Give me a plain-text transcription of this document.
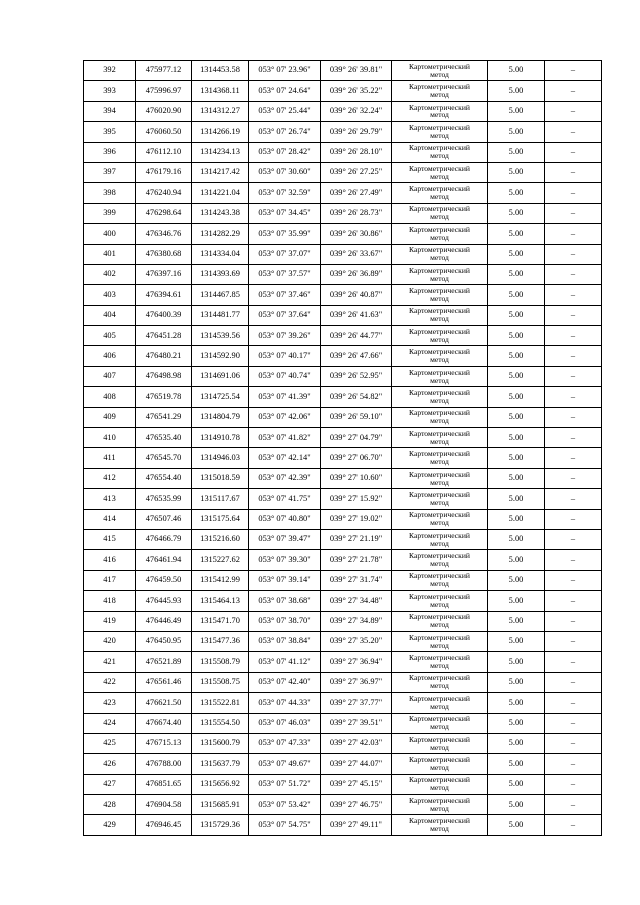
392	475977.12	1314453.58	053° 07' 23.96"	039° 26' 39.81"	Картометрический
метод	5.00	–
393	475996.97	1314368.11	053° 07' 24.64"	039° 26' 35.22"	Картометрический
метод	5.00	–
394	476020.90	1314312.27	053° 07' 25.44"	039° 26' 32.24"	Картометрический
метод	5.00	–
395	476060.50	1314266.19	053° 07' 26.74"	039° 26' 29.79"	Картометрический
метод	5.00	–
396	476112.10	1314234.13	053° 07' 28.42"	039° 26' 28.10"	Картометрический
метод	5.00	–
397	476179.16	1314217.42	053° 07' 30.60"	039° 26' 27.25"	Картометрический
метод	5.00	–
398	476240.94	1314221.04	053° 07' 32.59"	039° 26' 27.49"	Картометрический
метод	5.00	–
399	476298.64	1314243.38	053° 07' 34.45"	039° 26' 28.73"	Картометрический
метод	5.00	–
400	476346.76	1314282.29	053° 07' 35.99"	039° 26' 30.86"	Картометрический
метод	5.00	–
401	476380.68	1314334.04	053° 07' 37.07"	039° 26' 33.67"	Картометрический
метод	5.00	–
402	476397.16	1314393.69	053° 07' 37.57"	039° 26' 36.89"	Картометрический
метод	5.00	–
403	476394.61	1314467.85	053° 07' 37.46"	039° 26' 40.87"	Картометрический
метод	5.00	–
404	476400.39	1314481.77	053° 07' 37.64"	039° 26' 41.63"	Картометрический
метод	5.00	–
405	476451.28	1314539.56	053° 07' 39.26"	039° 26' 44.77"	Картометрический
метод	5.00	–
406	476480.21	1314592.90	053° 07' 40.17"	039° 26' 47.66"	Картометрический
метод	5.00	–
407	476498.98	1314691.06	053° 07' 40.74"	039° 26' 52.95"	Картометрический
метод	5.00	–
408	476519.78	1314725.54	053° 07' 41.39"	039° 26' 54.82"	Картометрический
метод	5.00	–
409	476541.29	1314804.79	053° 07' 42.06"	039° 26' 59.10"	Картометрический
метод	5.00	–
410	476535.40	1314910.78	053° 07' 41.82"	039° 27' 04.79"	Картометрический
метод	5.00	–
411	476545.70	1314946.03	053° 07' 42.14"	039° 27' 06.70"	Картометрический
метод	5.00	–
412	476554.40	1315018.59	053° 07' 42.39"	039° 27' 10.60"	Картометрический
метод	5.00	–
413	476535.99	1315117.67	053° 07' 41.75"	039° 27' 15.92"	Картометрический
метод	5.00	–
414	476507.46	1315175.64	053° 07' 40.80"	039° 27' 19.02"	Картометрический
метод	5.00	–
415	476466.79	1315216.60	053° 07' 39.47"	039° 27' 21.19"	Картометрический
метод	5.00	–
416	476461.94	1315227.62	053° 07' 39.30"	039° 27' 21.78"	Картометрический
метод	5.00	–
417	476459.50	1315412.99	053° 07' 39.14"	039° 27' 31.74"	Картометрический
метод	5.00	–
418	476445.93	1315464.13	053° 07' 38.68"	039° 27' 34.48"	Картометрический
метод	5.00	–
419	476446.49	1315471.70	053° 07' 38.70"	039° 27' 34.89"	Картометрический
метод	5.00	–
420	476450.95	1315477.36	053° 07' 38.84"	039° 27' 35.20"	Картометрический
метод	5.00	–
421	476521.89	1315508.79	053° 07' 41.12"	039° 27' 36.94"	Картометрический
метод	5.00	–
422	476561.46	1315508.75	053° 07' 42.40"	039° 27' 36.97"	Картометрический
метод	5.00	–
423	476621.50	1315522.81	053° 07' 44.33"	039° 27' 37.77"	Картометрический
метод	5.00	–
424	476674.40	1315554.50	053° 07' 46.03"	039° 27' 39.51"	Картометрический
метод	5.00	–
425	476715.13	1315600.79	053° 07' 47.33"	039° 27' 42.03"	Картометрический
метод	5.00	–
426	476788.00	1315637.79	053° 07' 49.67"	039° 27' 44.07"	Картометрический
метод	5.00	–
427	476851.65	1315656.92	053° 07' 51.72"	039° 27' 45.15"	Картометрический
метод	5.00	–
428	476904.58	1315685.91	053° 07' 53.42"	039° 27' 46.75"	Картометрический
метод	5.00	–
429	476946.45	1315729.36	053° 07' 54.75"	039° 27' 49.11"	Картометрический
метод	5.00	–
